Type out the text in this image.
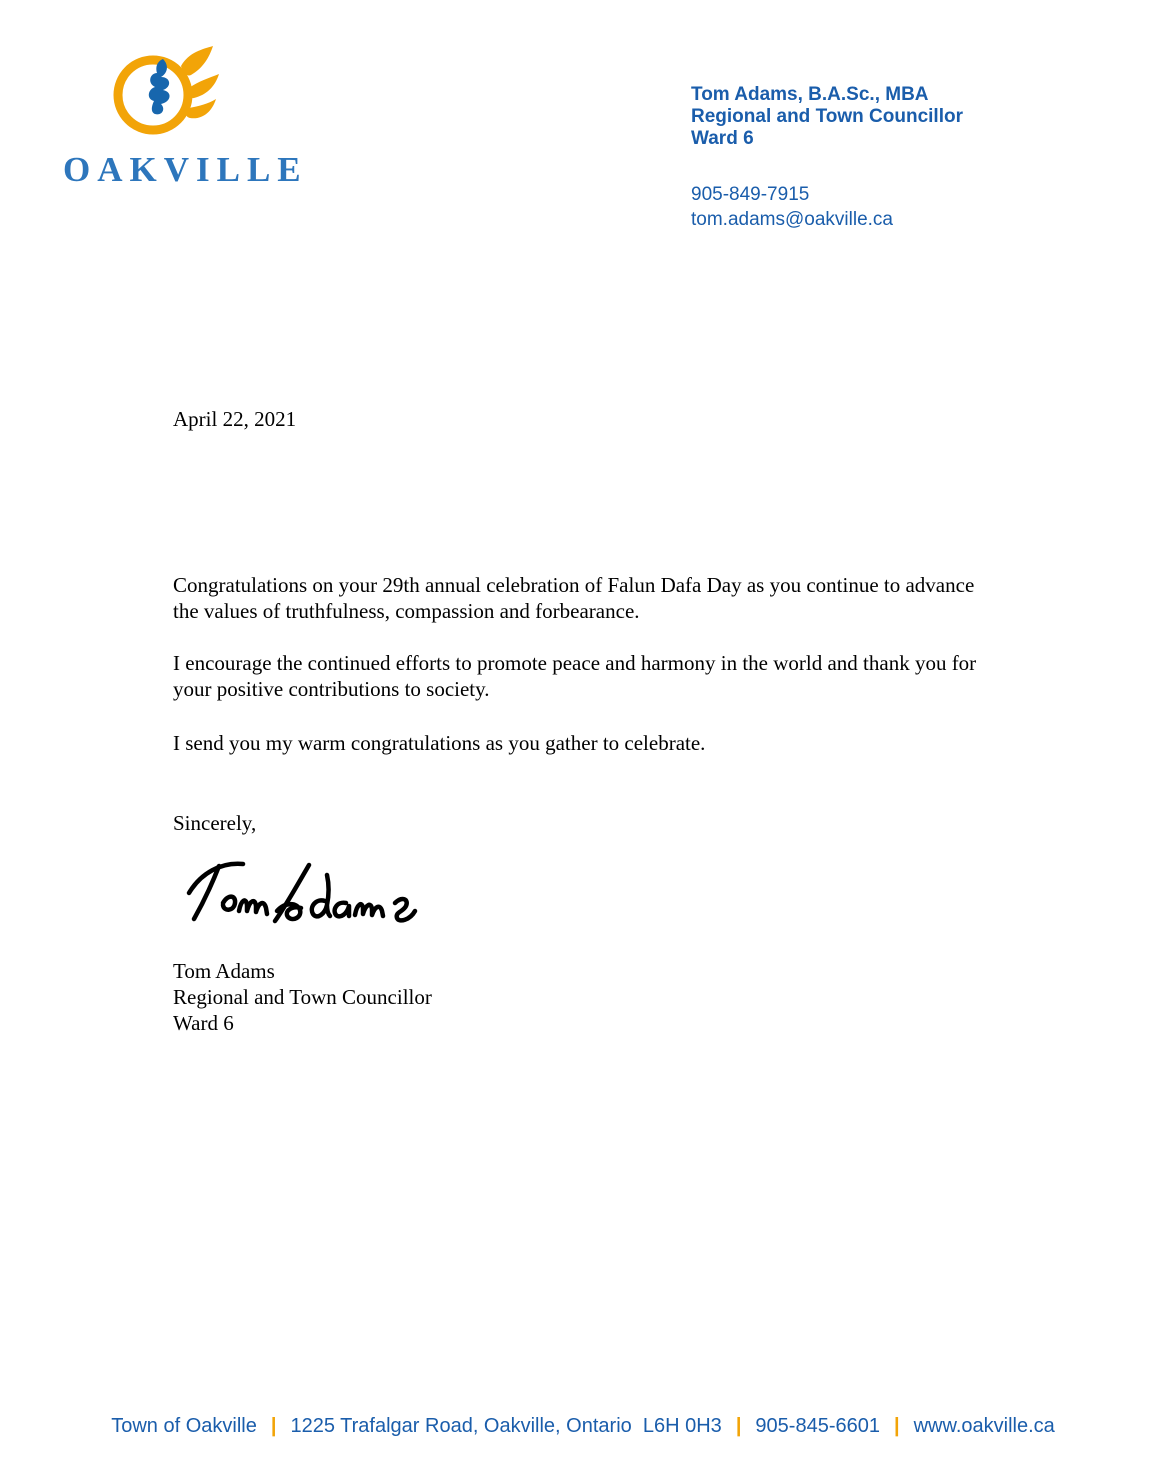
OAKVILLE
Tom Adams, B.A.Sc., MBA
Regional and Town Councillor
Ward 6
905-849-7915
tom.adams@oakville.ca
April 22, 2021

Congratulations on your 29th annual celebration of Falun Dafa Day as you continue to advance the values of truthfulness, compassion and forbearance.

I encourage the continued efforts to promote peace and harmony in the world and thank you for your positive contributions to society.

I send you my warm congratulations as you gather to celebrate.

Sincerely,
Tom Adams
Regional and Town Councillor
Ward 6
Town of Oakville | 1225 Trafalgar Road, Oakville, Ontario  L6H 0H3 | 905-845-6601 | www.oakville.ca
